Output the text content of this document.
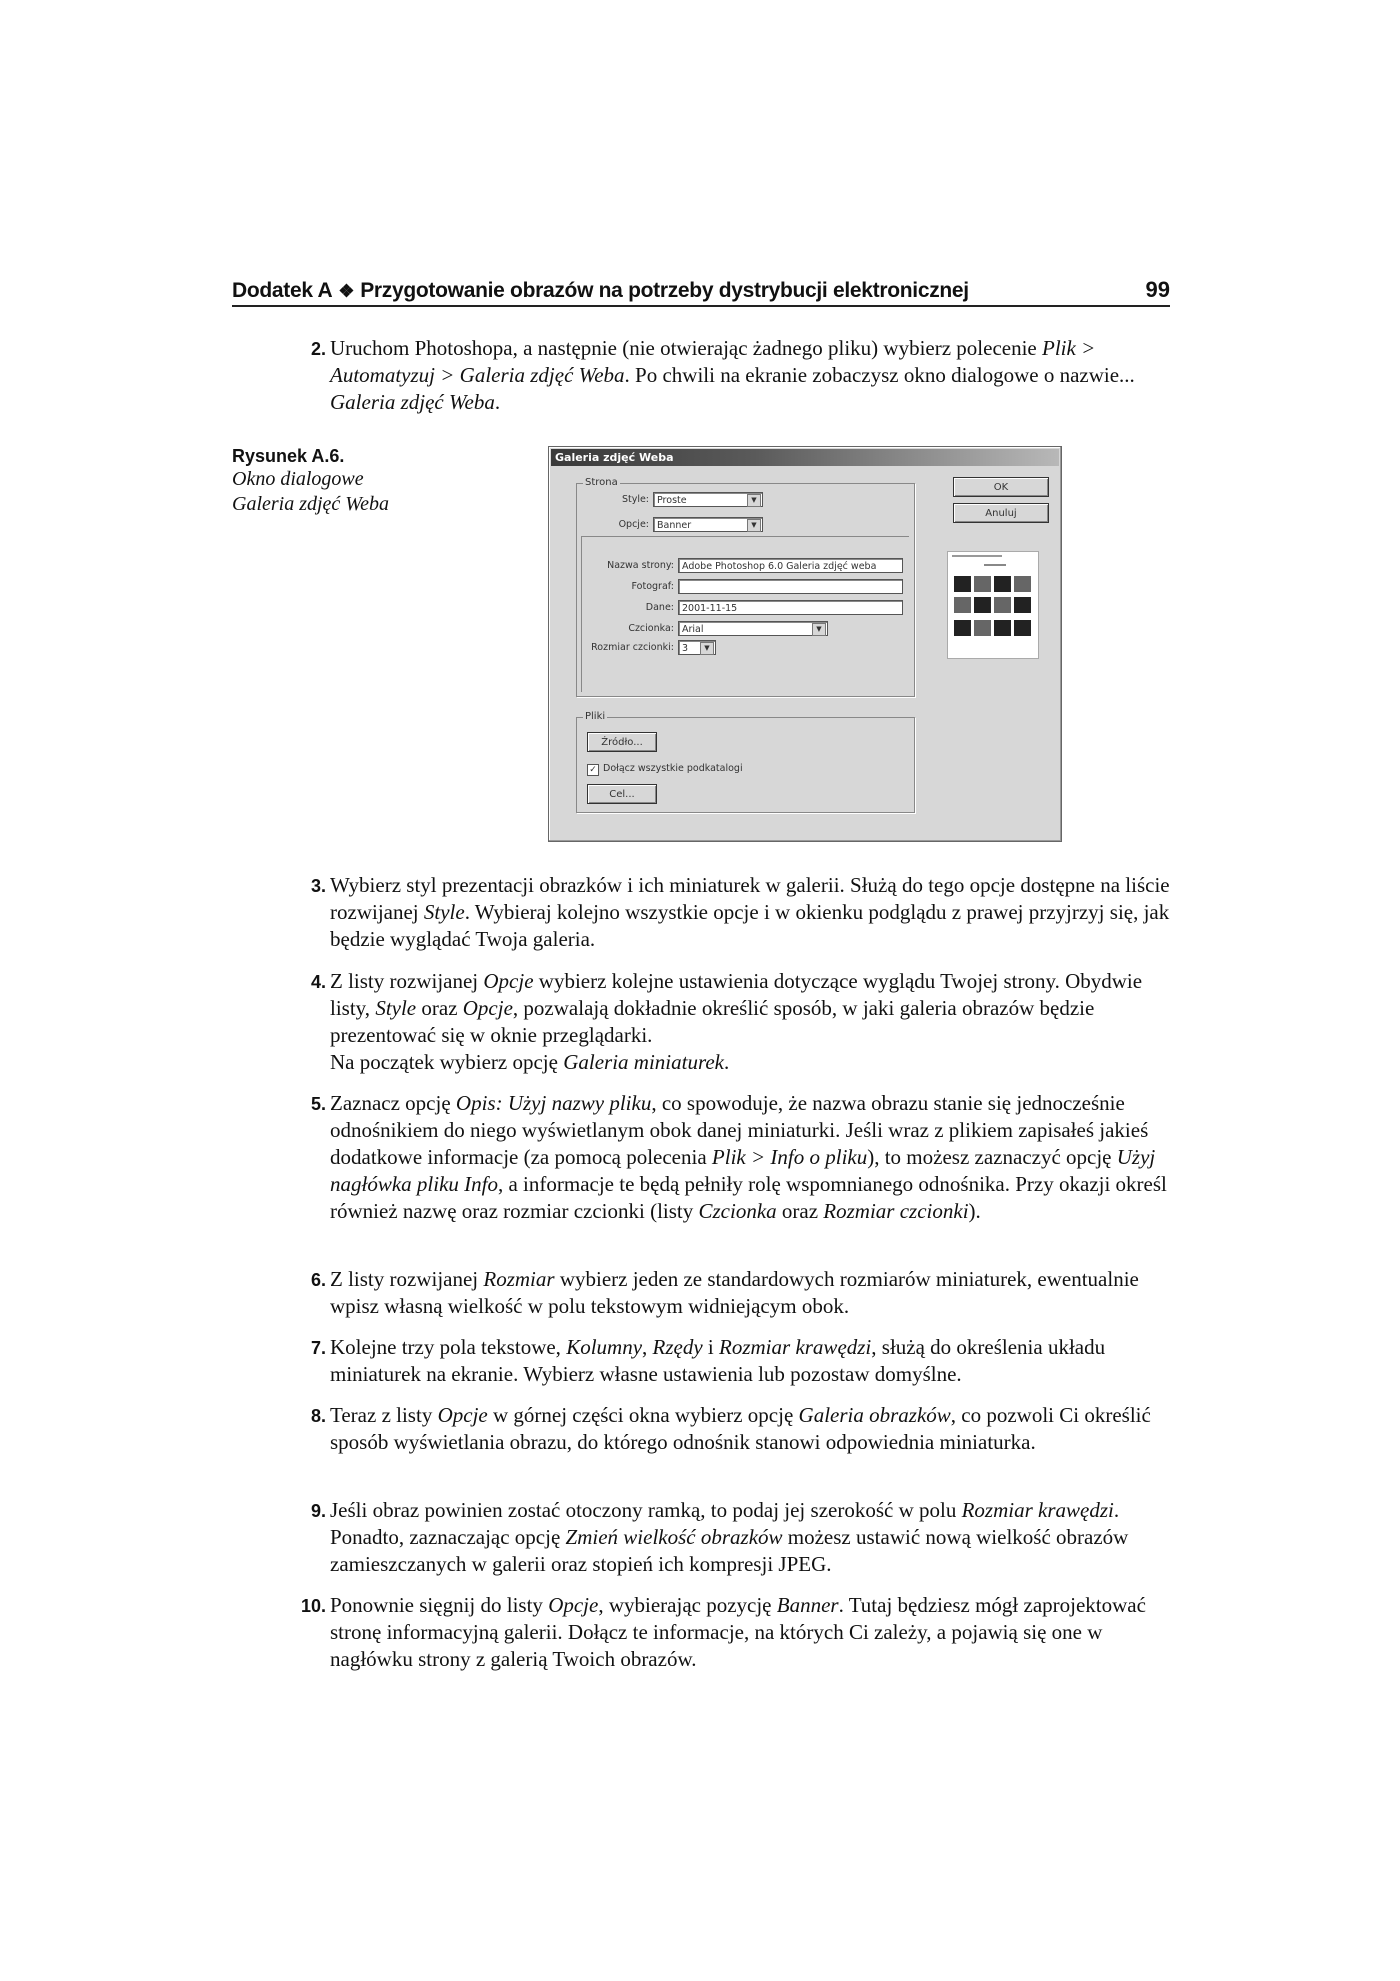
Dodatek A ❖ Przygotowanie obrazów na potrzeby dystrybucji elektronicznej	99
2. Uruchom Photoshopa, a następnie (nie otwierając żadnego pliku) wybierz polecenie Plik > Automatyzuj > Galeria zdjęć Weba. Po chwili na ekranie zobaczysz okno dialogowe o nazwie... Galeria zdjęć Weba.
Rysunek A.6.
Okno dialogowe Galeria zdjęć Weba
Galeria zdjęć Weba
Strona
Style: Proste	▼
Opcje: Banner	▼
Nazwa strony: Adobe Photoshop 6.0 Galeria zdjęć weba
Fotograf:
Dane: 2001-11-15
Czcionka: Arial	▼
Rozmiar czcionki: 3	▼
Pliki
Źródło...
✓ Dołącz wszystkie podkatalogi
Cel...
OK
Anuluj
3. Wybierz styl prezentacji obrazków i ich miniaturek w galerii. Służą do tego opcje dostępne na liście rozwijanej Style. Wybieraj kolejno wszystkie opcje i w okienku podglądu z prawej przyjrzyj się, jak będzie wyglądać Twoja galeria.
4. Z listy rozwijanej Opcje wybierz kolejne ustawienia dotyczące wyglądu Twojej strony. Obydwie listy, Style oraz Opcje, pozwalają dokładnie określić sposób, w jaki galeria obrazów będzie prezentować się w oknie przeglądarki.
Na początek wybierz opcję Galeria miniaturek.
5. Zaznacz opcję Opis: Użyj nazwy pliku, co spowoduje, że nazwa obrazu stanie się jednocześnie odnośnikiem do niego wyświetlanym obok danej miniaturki. Jeśli wraz z plikiem zapisałeś jakieś dodatkowe informacje (za pomocą polecenia Plik > Info o pliku), to możesz zaznaczyć opcję Użyj nagłówka pliku Info, a informacje te będą pełniły rolę wspomnianego odnośnika. Przy okazji określ również nazwę oraz rozmiar czcionki (listy Czcionka oraz Rozmiar czcionki).
6. Z listy rozwijanej Rozmiar wybierz jeden ze standardowych rozmiarów miniaturek, ewentualnie wpisz własną wielkość w polu tekstowym widniejącym obok.
7. Kolejne trzy pola tekstowe, Kolumny, Rzędy i Rozmiar krawędzi, służą do określenia układu miniaturek na ekranie. Wybierz własne ustawienia lub pozostaw domyślne.
8. Teraz z listy Opcje w górnej części okna wybierz opcję Galeria obrazków, co pozwoli Ci określić sposób wyświetlania obrazu, do którego odnośnik stanowi odpowiednia miniaturka.
9. Jeśli obraz powinien zostać otoczony ramką, to podaj jej szerokość w polu Rozmiar krawędzi. Ponadto, zaznaczając opcję Zmień wielkość obrazków możesz ustawić nową wielkość obrazów zamieszczanych w galerii oraz stopień ich kompresji JPEG.
10. Ponownie sięgnij do listy Opcje, wybierając pozycję Banner. Tutaj będziesz mógł zaprojektować stronę informacyjną galerii. Dołącz te informacje, na których Ci zależy, a pojawią się one w nagłówku strony z galerią Twoich obrazów.
